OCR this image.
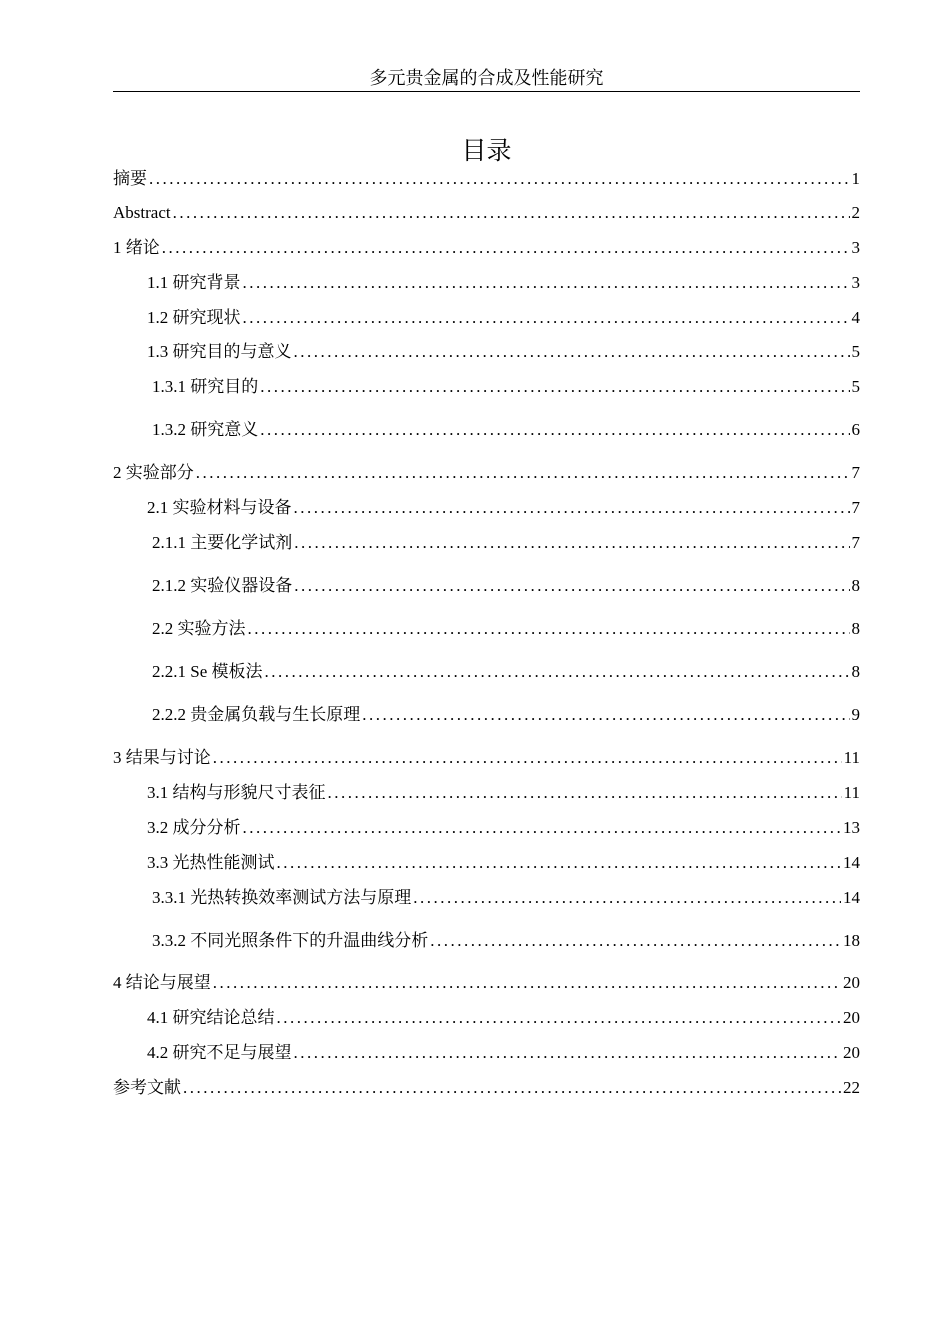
多元贵金属的合成及性能研究
目录
摘要 .....	1
Abstract .....	2
1 绪论 .....	3
1.1 研究背景 .....	3
1.2 研究现状 .....	4
1.3 研究目的与意义 .....	5
1.3.1 研究目的 .....	5
1.3.2 研究意义 .....	6
2 实验部分 .....	7
2.1 实验材料与设备 .....	7
2.1.1 主要化学试剂 .....	7
2.1.2 实验仪器设备 .....	8
2.2 实验方法 .....	8
2.2.1 Se 模板法 .....	8
2.2.2 贵金属负载与生长原理 .....	9
3 结果与讨论 .....	11
3.1 结构与形貌尺寸表征 .....	11
3.2 成分分析 .....	13
3.3 光热性能测试 .....	14
3.3.1 光热转换效率测试方法与原理 .....	14
3.3.2 不同光照条件下的升温曲线分析 .....	18
4 结论与展望 .....	20
4.1 研究结论总结 .....	20
4.2 研究不足与展望 .....	20
参考文献 .....	22
